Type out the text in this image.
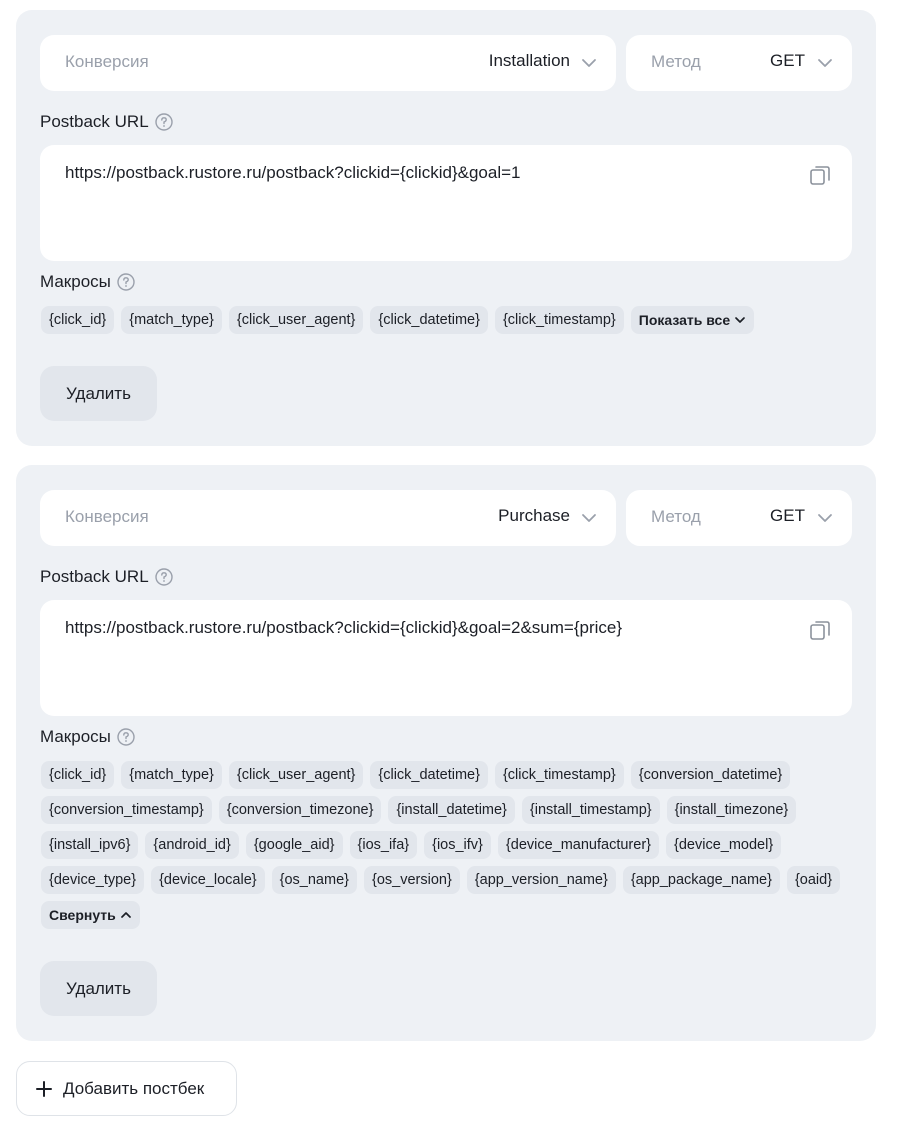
Конверсия	Installation	Метод	GET
Postback URL
https://postback.rustore.ru/postback?clickid={clickid}&goal=1
Макросы
{click_id}	{match_type}	{click_user_agent}	{click_datetime}	{click_timestamp}	Показать все
Удалить
Конверсия	Purchase	Метод	GET
Postback URL
https://postback.rustore.ru/postback?clickid={clickid}&goal=2&sum={price}
Макросы
{click_id}	{match_type}	{click_user_agent}	{click_datetime}	{click_timestamp}	{conversion_datetime}
{conversion_timestamp}	{conversion_timezone}	{install_datetime}	{install_timestamp}	{install_timezone}
{install_ipv6}	{android_id}	{google_aid}	{ios_ifa}	{ios_ifv}	{device_manufacturer}	{device_model}
{device_type}	{device_locale}	{os_name}	{os_version}	{app_version_name}	{app_package_name}	{oaid}
Свернуть
Удалить
Добавить постбек
